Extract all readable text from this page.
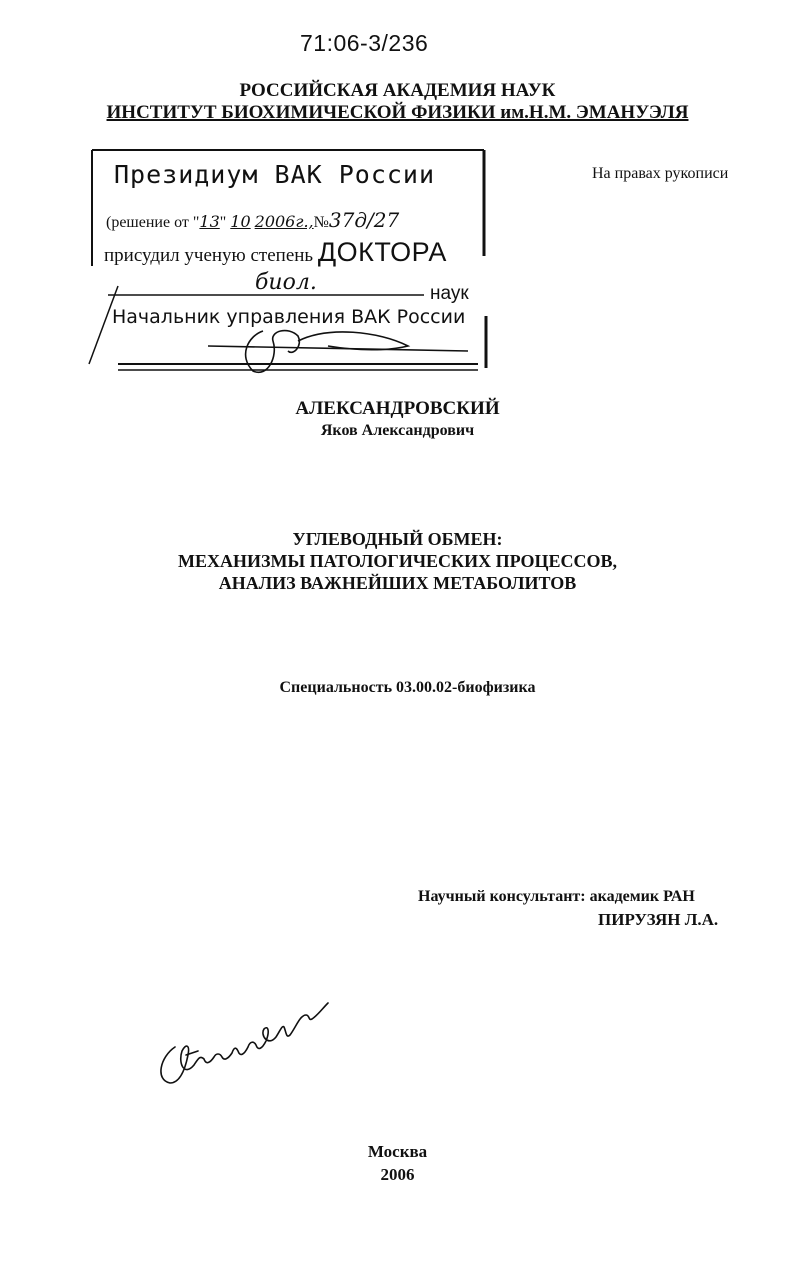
71:06-3/236
РОССИЙСКАЯ АКАДЕМИЯ НАУК
ИНСТИТУТ БИОХИМИЧЕСКОЙ ФИЗИКИ им.Н.М. ЭМАНУЭЛЯ
На правах рукописи
Президиум ВАК России
(решение от "13" 10 2006г.,№37д/27
присудил ученую степень ДОКТОРА
биол.	наук
Начальник управления ВАК России
АЛЕКСАНДРОВСКИЙ
Яков Александрович
УГЛЕВОДНЫЙ ОБМЕН:
МЕХАНИЗМЫ ПАТОЛОГИЧЕСКИХ ПРОЦЕССОВ,
АНАЛИЗ ВАЖНЕЙШИХ МЕТАБОЛИТОВ
Специальность 03.00.02-биофизика
Научный консультант: академик РАН
ПИРУЗЯН Л.А.
Москва
2006
